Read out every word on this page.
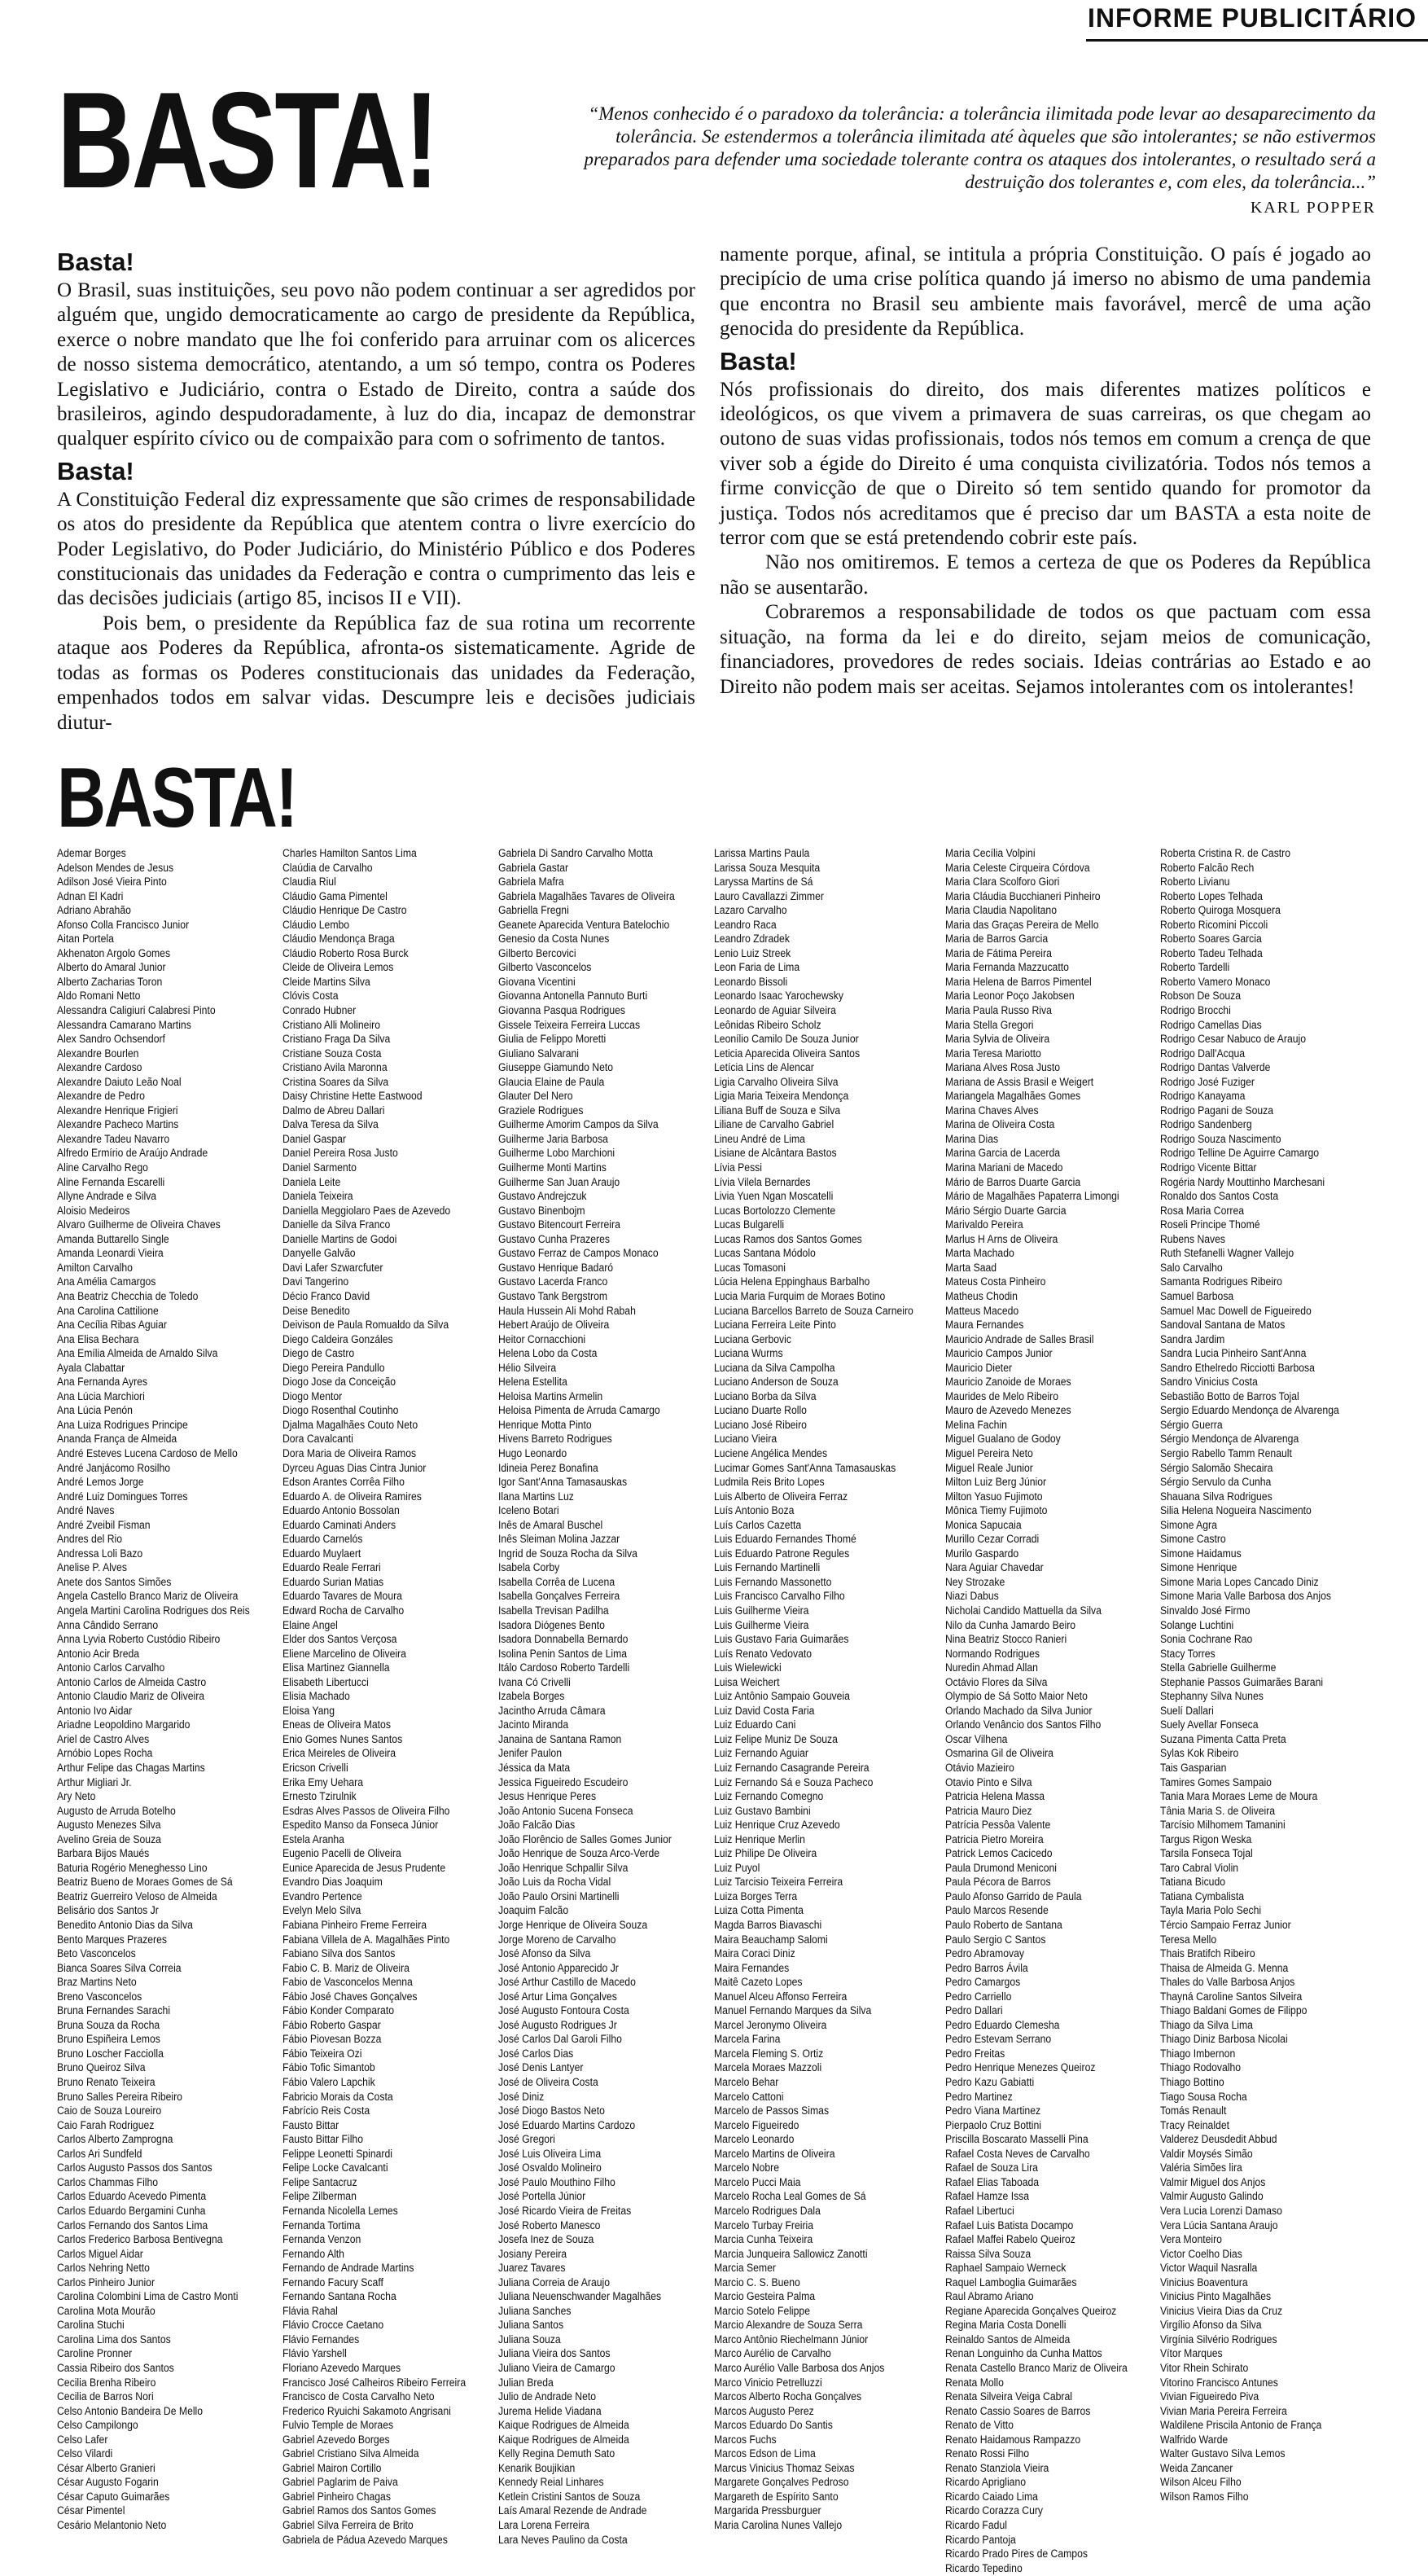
INFORME PUBLICITÁRIO
BASTA!	“Menos conhecido é o paradoxo da tolerância: a tolerância ilimitada pode levar ao desaparecimento da tolerância. Se estendermos a tolerância ilimitada até àqueles que são intolerantes; se não estivermos preparados para defender uma sociedade tolerante contra os ataques dos intolerantes, o resultado será a destruição dos tolerantes e, com eles, da tolerância...”
KARL POPPER
Basta!

O Brasil, suas instituições, seu povo não podem continuar a ser agredidos por alguém que, ungido democraticamente ao cargo de presidente da República, exerce o nobre mandato que lhe foi conferido para arruinar com os alicerces de nosso sistema democrático, atentando, a um só tempo, contra os Poderes Legislativo e Judiciário, contra o Estado de Direito, contra a saúde dos brasileiros, agindo despudoradamente, à luz do dia, incapaz de demonstrar qualquer espírito cívico ou de compaixão para com o sofrimento de tantos.

Basta!

A Constituição Federal diz expressamente que são crimes de responsabilidade os atos do presidente da República que atentem contra o livre exercício do Poder Legislativo, do Poder Judiciário, do Ministério Público e dos Poderes constitucionais das unidades da Federação e contra o cumprimento das leis e das decisões judiciais (artigo 85, incisos II e VII).

Pois bem, o presidente da República faz de sua rotina um recorrente ataque aos Poderes da República, afronta-os sistematicamente. Agride de todas as formas os Poderes constitucionais das unidades da Federação, empenhados todos em salvar vidas. Descumpre leis e decisões judiciais diutur-

namente porque, afinal, se intitula a própria Constituição. O país é jogado ao precipício de uma crise política quando já imerso no abismo de uma pandemia que encontra no Brasil seu ambiente mais favorável, mercê de uma ação genocida do presidente da República.

Basta!

Nós profissionais do direito, dos mais diferentes matizes políticos e ideológicos, os que vivem a primavera de suas carreiras, os que chegam ao outono de suas vidas profissionais, todos nós temos em comum a crença de que viver sob a égide do Direito é uma conquista civilizatória. Todos nós temos a firme convicção de que o Direito só tem sentido quando for promotor da justiça. Todos nós acreditamos que é preciso dar um BASTA a esta noite de terror com que se está pretendendo cobrir este país.

Não nos omitiremos. E temos a certeza de que os Poderes da República não se ausentarão.

Cobraremos a responsabilidade de todos os que pactuam com essa situação, na forma da lei e do direito, sejam meios de comunicação, financiadores, provedores de redes sociais. Ideias contrárias ao Estado e ao Direito não podem mais ser aceitas. Sejamos intolerantes com os intolerantes!

BASTA!
Ademar Borges
Adelson Mendes de Jesus
Adilson José Vieira Pinto
Adnan El Kadri
Adriano Abrahão
Afonso Colla Francisco Junior
Aitan Portela
Akhenaton Argolo Gomes
Alberto do Amaral Junior
Alberto Zacharias Toron
Aldo Romani Netto
Alessandra Caligiuri Calabresi Pinto
Alessandra Camarano Martins
Alex Sandro Ochsendorf
Alexandre Bourlen
Alexandre Cardoso
Alexandre Daiuto Leão Noal
Alexandre de Pedro
Alexandre Henrique Frigieri
Alexandre Pacheco Martins
Alexandre Tadeu Navarro
Alfredo Ermírio de Araújo Andrade
Aline Carvalho Rego
Aline Fernanda Escarelli
Allyne Andrade e Silva
Aloisio Medeiros
Alvaro Guilherme de Oliveira Chaves
Amanda Buttarello Single
Amanda Leonardi Vieira
Amilton Carvalho
Ana Amélia Camargos
Ana Beatriz Checchia de Toledo
Ana Carolina Cattilione
Ana Cecília Ribas Aguiar
Ana Elisa Bechara
Ana Emília Almeida de Arnaldo Silva
Ayala Clabattar
Ana Fernanda Ayres
Ana Lúcia Marchiori
Ana Lúcia Penón
Ana Luiza Rodrigues Principe
Ananda França de Almeida
André Esteves Lucena Cardoso de Mello
André Janjácomo Rosilho
André Lemos Jorge
André Luiz Domingues Torres
André Naves
André Zveibil Fisman
Andres del Rio
Andressa Loli Bazo
Anelise P. Alves
Anete dos Santos Simões
Angela Castello Branco Mariz de Oliveira
Angela Martini Carolina Rodrigues dos Reis
Anna Cândido Serrano
Anna Lyvia Roberto Custódio Ribeiro
Antonio Acir Breda
Antonio Carlos Carvalho
Antonio Carlos de Almeida Castro
Antonio Claudio Mariz de Oliveira
Antonio Ivo Aidar
Ariadne Leopoldino Margarido
Ariel de Castro Alves
Arnóbio Lopes Rocha
Arthur Felipe das Chagas Martins
Arthur Migliari Jr.
Ary Neto
Augusto de Arruda Botelho
Augusto Menezes Silva
Avelino Greia de Souza
Barbara Bijos Maués
Baturia Rogério Meneghesso Lino
Beatriz Bueno de Moraes Gomes de Sá
Beatriz Guerreiro Veloso de Almeida
Belisário dos Santos Jr
Benedito Antonio Dias da Silva
Bento Marques Prazeres
Beto Vasconcelos
Bianca Soares Silva Correia
Braz Martins Neto
Breno Vasconcelos
Bruna Fernandes Sarachi
Bruna Souza da Rocha
Bruno Espiñeira Lemos
Bruno Loscher Facciolla
Bruno Queiroz Silva
Bruno Renato Teixeira
Bruno Salles Pereira Ribeiro
Caio de Souza Loureiro
Caio Farah Rodriguez
Carlos Alberto Zamprogna
Carlos Ari Sundfeld
Carlos Augusto Passos dos Santos
Carlos Chammas Filho
Carlos Eduardo Acevedo Pimenta
Carlos Eduardo Bergamini Cunha
Carlos Fernando dos Santos Lima
Carlos Frederico Barbosa Bentivegna
Carlos Miguel Aidar
Carlos Nehring Netto
Carlos Pinheiro Junior
Carolina Colombini Lima de Castro Monti
Carolina Mota Mourão
Carolina Stuchi
Carolina Lima dos Santos
Caroline Pronner
Cassia Ribeiro dos Santos
Cecilia Brenha Ribeiro
Cecilia de Barros Nori
Celso Antonio Bandeira De Mello
Celso Campilongo
Celso Lafer
Celso Vilardi
César Alberto Granieri
César Augusto Fogarin
César Caputo Guimarães
César Pimentel
Cesário Melantonio Neto
Charles Hamilton Santos Lima
Claúdia de Carvalho
Claudia Riul
Cláudio Gama Pimentel
Cláudio Henrique De Castro
Cláudio Lembo
Cláudio Mendonça Braga
Cláudio Roberto Rosa Burck
Cleide de Oliveira Lemos
Cleide Martins Silva
Clóvis Costa
Conrado Hubner
Cristiano Alli Molineiro
Cristiano Fraga Da Silva
Cristiane Souza Costa
Cristiano Avila Maronna
Cristina Soares da Silva
Daisy Christine Hette Eastwood
Dalmo de Abreu Dallari
Dalva Teresa da Silva
Daniel Gaspar
Daniel Pereira Rosa Justo
Daniel Sarmento
Daniela Leite
Daniela Teixeira
Daniella Meggiolaro Paes de Azevedo
Danielle da Silva Franco
Danielle Martins de Godoi
Danyelle Galvão
Davi Lafer Szwarcfuter
Davi Tangerino
Décio Franco David
Deise Benedito
Deivison de Paula Romualdo da Silva
Diego Caldeira Gonzáles
Diego de Castro
Diego Pereira Pandullo
Diogo Jose da Conceição
Diogo Mentor
Diogo Rosenthal Coutinho
Djalma Magalhães Couto Neto
Dora Cavalcanti
Dora Maria de Oliveira Ramos
Dyrceu Aguas Dias Cintra Junior
Edson Arantes Corrêa Filho
Eduardo A. de Oliveira Ramires
Eduardo Antonio Bossolan
Eduardo Caminati Anders
Eduardo Carnelós
Eduardo Muylaert
Eduardo Reale Ferrari
Eduardo Surian Matias
Eduardo Tavares de Moura
Edward Rocha de Carvalho
Elaine Angel
Elder dos Santos Verçosa
Eliene Marcelino de Oliveira
Elisa Martinez Giannella
Elisabeth Libertucci
Elisia Machado
Eloisa Yang
Eneas de Oliveira Matos
Enio Gomes Nunes Santos
Erica Meireles de Oliveira
Ericson Crivelli
Erika Emy Uehara
Ernesto Tzirulnik
Esdras Alves Passos de Oliveira Filho
Espedito Manso da Fonseca Júnior
Estela Aranha
Eugenio Pacelli de Oliveira
Eunice Aparecida de Jesus Prudente
Evandro Dias Joaquim
Evandro Pertence
Evelyn Melo Silva
Fabiana Pinheiro Freme Ferreira
Fabiana Villela de A. Magalhães Pinto
Fabiano Silva dos Santos
Fabio C. B. Mariz de Oliveira
Fabio de Vasconcelos Menna
Fábio José Chaves Gonçalves
Fábio Konder Comparato
Fábio Roberto Gaspar
Fábio Piovesan Bozza
Fábio Teixeira Ozi
Fábio Tofic Simantob
Fábio Valero Lapchik
Fabricio Morais da Costa
Fabrício Reis Costa
Fausto Bittar
Fausto Bittar Filho
Felippe Leonetti Spinardi
Felipe Locke Cavalcanti
Felipe Santacruz
Felipe Zilberman
Fernanda Nicolella Lemes
Fernanda Tortima
Fernanda Venzon
Fernando Alth
Fernando de Andrade Martins
Fernando Facury Scaff
Fernando Santana Rocha
Flávia Rahal
Flávio Crocce Caetano
Flávio Fernandes
Flávio Yarshell
Floriano Azevedo Marques
Francisco José Calheiros Ribeiro Ferreira
Francisco de Costa Carvalho Neto
Frederico Ryuichi Sakamoto Angrisani
Fulvio Temple de Moraes
Gabriel Azevedo Borges
Gabriel Cristiano Silva Almeida
Gabriel Mairon Cortillo
Gabriel Paglarim de Paiva
Gabriel Pinheiro Chagas
Gabriel Ramos dos Santos Gomes
Gabriel Silva Ferreira de Brito
Gabriela de Pádua Azevedo Marques
Gabriela Di Sandro Carvalho Motta
Gabriela Gastar
Gabriela Mafra
Gabriela Magalhães Tavares de Oliveira
Gabriella Fregni
Geanete Aparecida Ventura Batelochio
Genesio da Costa Nunes
Gilberto Bercovici
Gilberto Vasconcelos
Giovana Vicentini
Giovanna Antonella Pannuto Burti
Giovanna Pasqua Rodrigues
Gissele Teixeira Ferreira Luccas
Giulia de Felippo Moretti
Giuliano Salvarani
Giuseppe Giamundo Neto
Glaucia Elaine de Paula
Glauter Del Nero
Graziele Rodrigues
Guilherme Amorim Campos da Silva
Guilherme Jaria Barbosa
Guilherme Lobo Marchioni
Guilherme Monti Martins
Guilherme San Juan Araujo
Gustavo Andrejczuk
Gustavo Binenbojm
Gustavo Bitencourt Ferreira
Gustavo Cunha Prazeres
Gustavo Ferraz de Campos Monaco
Gustavo Henrique Badaró
Gustavo Lacerda Franco
Gustavo Tank Bergstrom
Haula Hussein Ali Mohd Rabah
Hebert Araújo de Oliveira
Heitor Cornacchioni
Helena Lobo da Costa
Hélio Silveira
Helena Estellita
Heloisa Martins Armelin
Heloisa Pimenta de Arruda Camargo
Henrique Motta Pinto
Hivens Barreto Rodrigues
Hugo Leonardo
Idineia Perez Bonafina
Igor Sant'Anna Tamasauskas
Ilana Martins Luz
Iceleno Botari
Inês de Amaral Buschel
Inês Sleiman Molina Jazzar
Ingrid de Souza Rocha da Silva
Isabela Corby
Isabella Corrêa de Lucena
Isabella Gonçalves Ferreira
Isabella Trevisan Padilha
Isadora Diógenes Bento
Isadora Donnabella Bernardo
Isolina Penin Santos de Lima
Itálo Cardoso Roberto Tardelli
Ivana Có Crivelli
Izabela Borges
Jacintho Arruda Câmara
Jacinto Miranda
Janaina de Santana Ramon
Jenifer Paulon
Jéssica da Mata
Jessica Figueiredo Escudeiro
Jesus Henrique Peres
João Antonio Sucena Fonseca
João Falcão Dias
João Florêncio de Salles Gomes Junior
João Henrique de Souza Arco-Verde
João Henrique Schpallir Silva
João Luis da Rocha Vidal
João Paulo Orsini Martinelli
Joaquim Falcão
Jorge Henrique de Oliveira Souza
Jorge Moreno de Carvalho
José Afonso da Silva
José Antonio Apparecido Jr
José Arthur Castillo de Macedo
José Artur Lima Gonçalves
José Augusto Fontoura Costa
José Augusto Rodrigues Jr
José Carlos Dal Garoli Filho
José Carlos Dias
José Denis Lantyer
José de Oliveira Costa
José Diniz
José Diogo Bastos Neto
José Eduardo Martins Cardozo
José Gregori
José Luis Oliveira Lima
José Osvaldo Molineiro
José Paulo Mouthino Filho
José Portella Júnior
José Ricardo Vieira de Freitas
José Roberto Manesco
Josefa Inez de Souza
Josiany Pereira
Juarez Tavares
Juliana Correia de Araujo
Juliana Neuenschwander Magalhães
Juliana Sanches
Juliana Santos
Juliana Souza
Juliana Vieira dos Santos
Juliano Vieira de Camargo
Julian Breda
Julio de Andrade Neto
Jurema Helide Viadana
Kaique Rodrigues de Almeida
Kaique Rodrigues de Almeida
Kelly Regina Demuth Sato
Kenarik Boujikian
Kennedy Reial Linhares
Ketlein Cristini Santos de Souza
Laís Amaral Rezende de Andrade
Lara Lorena Ferreira
Lara Neves Paulino da Costa
Larissa Martins Paula
Larissa Souza Mesquita
Laryssa Martins de Sá
Lauro Cavallazzi Zimmer
Lazaro Carvalho
Leandro Raca
Leandro Zdradek
Lenio Luiz Streek
Leon Faria de Lima
Leonardo Bissoli
Leonardo Isaac Yarochewsky
Leonardo de Aguiar Silveira
Leônidas Ribeiro Scholz
Leonílio Camilo De Souza Junior
Leticia Aparecida Oliveira Santos
Letícia Lins de Alencar
Ligia Carvalho Oliveira Silva
Ligia Maria Teixeira Mendonça
Liliana Buff de Souza e Silva
Liliane de Carvalho Gabriel
Lineu André de Lima
Lisiane de Alcântara Bastos
Lívia Pessi
Lívia Vilela Bernardes
Livia Yuen Ngan Moscatelli
Lucas Bortolozzo Clemente
Lucas Bulgarelli
Lucas Ramos dos Santos Gomes
Lucas Santana Módolo
Lucas Tomasoni
Lúcia Helena Eppinghaus Barbalho
Lucia Maria Furquim de Moraes Botino
Luciana Barcellos Barreto de Souza Carneiro
Luciana Ferreira Leite Pinto
Luciana Gerbovic
Luciana Wurms
Luciana da Silva Campolha
Luciano Anderson de Souza
Luciano Borba da Silva
Luciano Duarte Rollo
Luciano José Ribeiro
Luciano Vieira
Luciene Angélica Mendes
Lucimar Gomes Sant'Anna Tamasauskas
Ludmila Reis Brito Lopes
Luis Alberto de Oliveira Ferraz
Luís Antonio Boza
Luís Carlos Cazetta
Luis Eduardo Fernandes Thomé
Luis Eduardo Patrone Regules
Luis Fernando Martinelli
Luis Fernando Massonetto
Luis Francisco Carvalho Filho
Luis Guilherme Vieira
Luis Guilherme Vieira
Luis Gustavo Faria Guimarães
Luís Renato Vedovato
Luis Wielewicki
Luisa Weichert
Luiz Antônio Sampaio Gouveia
Luiz David Costa Faria
Luiz Eduardo Cani
Luiz Felipe Muniz De Souza
Luiz Fernando Aguiar
Luiz Fernando Casagrande Pereira
Luiz Fernando Sá e Souza Pacheco
Luiz Fernando Comegno
Luiz Gustavo Bambini
Luiz Henrique Cruz Azevedo
Luiz Henrique Merlin
Luiz Philipe De Oliveira
Luiz Puyol
Luiz Tarcisio Teixeira Ferreira
Luiza Borges Terra
Luiza Cotta Pimenta
Magda Barros Biavaschi
Maira Beauchamp Salomi
Maira Coraci Diniz
Maira Fernandes
Maitê Cazeto Lopes
Manuel Alceu Affonso Ferreira
Manuel Fernando Marques da Silva
Marcel Jeronymo Oliveira
Marcela Farina
Marcela Fleming S. Ortiz
Marcela Moraes Mazzoli
Marcelo Behar
Marcelo Cattoni
Marcelo de Passos Simas
Marcelo Figueiredo
Marcelo Leonardo
Marcelo Martins de Oliveira
Marcelo Nobre
Marcelo Pucci Maia
Marcelo Rocha Leal Gomes de Sá
Marcelo Rodrigues Dala
Marcelo Turbay Freiria
Marcia Cunha Teixeira
Marcia Junqueira Sallowicz Zanotti
Marcia Semer
Marcio C. S. Bueno
Marcio Gesteira Palma
Marcio Sotelo Felippe
Marcio Alexandre de Souza Serra
Marco Antônio Riechelmann Júnior
Marco Aurélio de Carvalho
Marco Aurélio Valle Barbosa dos Anjos
Marco Vinicio Petrelluzzi
Marcos Alberto Rocha Gonçalves
Marcos Augusto Perez
Marcos Eduardo Do Santis
Marcos Fuchs
Marcos Edson de Lima
Marcus Vinicius Thomaz Seixas
Margarete Gonçalves Pedroso
Margareth de Espírito Santo
Margarida Pressburguer
Maria Carolina Nunes Vallejo
Maria Cecília Volpini
Maria Celeste Cirqueira Córdova
Maria Clara Scolforo Giori
Maria Cláudia Bucchianeri Pinheiro
Maria Claudia Napolitano
Maria das Graças Pereira de Mello
Maria de Barros Garcia
Maria de Fátima Pereira
Maria Fernanda Mazzucatto
Maria Helena de Barros Pimentel
Maria Leonor Poço Jakobsen
Maria Paula Russo Riva
Maria Stella Gregori
Maria Sylvia de Oliveira
Maria Teresa Mariotto
Mariana Alves Rosa Justo
Mariana de Assis Brasil e Weigert
Mariangela Magalhães Gomes
Marina Chaves Alves
Marina de Oliveira Costa
Marina Dias
Marina Garcia de Lacerda
Marina Mariani de Macedo
Mário de Barros Duarte Garcia
Mário de Magalhães Papaterra Limongi
Mário Sérgio Duarte Garcia
Marivaldo Pereira
Marlus H Arns de Oliveira
Marta Machado
Marta Saad
Mateus Costa Pinheiro
Matheus Chodin
Matteus Macedo
Maura Fernandes
Mauricio Andrade de Salles Brasil
Mauricio Campos Junior
Mauricio Dieter
Mauricio Zanoide de Moraes
Maurides de Melo Ribeiro
Mauro de Azevedo Menezes
Melina Fachin
Miguel Gualano de Godoy
Miguel Pereira Neto
Miguel Reale Junior
Milton Luiz Berg Júnior
Milton Yasuo Fujimoto
Mônica Tiemy Fujimoto
Monica Sapucaia
Murillo Cezar Corradi
Murilo Gaspardo
Nara Aguiar Chavedar
Ney Strozake
Niazi Dabus
Nicholai Candido Mattuella da Silva
Nilo da Cunha Jamardo Beiro
Nina Beatriz Stocco Ranieri
Normando Rodrigues
Nuredin Ahmad Allan
Octávio Flores da Silva
Olympio de Sá Sotto Maior Neto
Orlando Machado da Silva Junior
Orlando Venâncio dos Santos Filho
Oscar Vilhena
Osmarina Gil de Oliveira
Otávio Mazieiro
Otavio Pinto e Silva
Patricia Helena Massa
Patricia Mauro Diez
Patrícia Pessôa Valente
Patricia Pietro Moreira
Patrick Lemos Cacicedo
Paula Drumond Meniconi
Paula Pécora de Barros
Paulo Afonso Garrido de Paula
Paulo Marcos Resende
Paulo Roberto de Santana
Paulo Sergio C Santos
Pedro Abramovay
Pedro Barros Ávila
Pedro Camargos
Pedro Carriello
Pedro Dallari
Pedro Eduardo Clemesha
Pedro Estevam Serrano
Pedro Freitas
Pedro Henrique Menezes Queiroz
Pedro Kazu Gabiatti
Pedro Martinez
Pedro Viana Martinez
Pierpaolo Cruz Bottini
Priscilla Boscarato Masselli Pina
Rafael Costa Neves de Carvalho
Rafael de Souza Lira
Rafael Elias Taboada
Rafael Hamze Issa
Rafael Libertuci
Rafael Luis Batista Docampo
Rafael Maffei Rabelo Queiroz
Raissa Silva Souza
Raphael Sampaio Werneck
Raquel Lamboglia Guimarães
Raul Abramo Ariano
Regiane Aparecida Gonçalves Queiroz
Regina Maria Costa Donelli
Reinaldo Santos de Almeida
Renan Longuinho da Cunha Mattos
Renata Castello Branco Mariz de Oliveira
Renata Mollo
Renata Silveira Veiga Cabral
Renato Cassio Soares de Barros
Renato de Vitto
Renato Haidamous Rampazzo
Renato Rossi Filho
Renato Stanziola Vieira
Ricardo Aprigliano
Ricardo Caiado Lima
Ricardo Corazza Cury
Ricardo Fadul
Ricardo Pantoja
Ricardo Prado Pires de Campos
Ricardo Tepedino
Roberta Cristina R. de Castro
Roberto Falcão Rech
Roberto Livianu
Roberto Lopes Telhada
Roberto Quiroga Mosquera
Roberto Ricomini Piccoli
Roberto Soares Garcia
Roberto Tadeu Telhada
Roberto Tardelli
Roberto Vamero Monaco
Robson De Souza
Rodrigo Brocchi
Rodrigo Camellas Dias
Rodrigo Cesar Nabuco de Araujo
Rodrigo Dall'Acqua
Rodrigo Dantas Valverde
Rodrigo José Fuziger
Rodrigo Kanayama
Rodrigo Pagani de Souza
Rodrigo Sandenberg
Rodrigo Souza Nascimento
Rodrigo Telline De Aguirre Camargo
Rodrigo Vicente Bittar
Rogéria Nardy Mouttinho Marchesani
Ronaldo dos Santos Costa
Rosa Maria Correa
Roseli Principe Thomé
Rubens Naves
Ruth Stefanelli Wagner Vallejo
Salo Carvalho
Samanta Rodrigues Ribeiro
Samuel Barbosa
Samuel Mac Dowell de Figueiredo
Sandoval Santana de Matos
Sandra Jardim
Sandra Lucia Pinheiro Sant'Anna
Sandro Ethelredo Ricciotti Barbosa
Sandro Vinicius Costa
Sebastião Botto de Barros Tojal
Sergio Eduardo Mendonça de Alvarenga
Sérgio Guerra
Sérgio Mendonça de Alvarenga
Sergio Rabello Tamm Renault
Sérgio Salomão Shecaira
Sérgio Servulo da Cunha
Shauana Silva Rodrigues
Silia Helena Nogueira Nascimento
Simone Agra
Simone Castro
Simone Haidamus
Simone Henrique
Simone Maria Lopes Cancado Diniz
Simone Maria Valle Barbosa dos Anjos
Sinvaldo José Firmo
Solange Luchtini
Sonia Cochrane Rao
Stacy Torres
Stella Gabrielle Guilherme
Stephanie Passos Guimarães Barani
Stephanny Silva Nunes
Suelí Dallari
Suely Avellar Fonseca
Suzana Pimenta Catta Preta
Sylas Kok Ribeiro
Tais Gasparian
Tamires Gomes Sampaio
Tania Mara Moraes Leme de Moura
Tânia Maria S. de Oliveira
Tarcísio Milhomem Tamanini
Targus Rigon Weska
Tarsila Fonseca Tojal
Taro Cabral Violin
Tatiana Bicudo
Tatiana Cymbalista
Tayla Maria Polo Sechi
Tércio Sampaio Ferraz Junior
Teresa Mello
Thais Bratifch Ribeiro
Thaisa de Almeida G. Menna
Thales do Valle Barbosa Anjos
Thayná Caroline Santos Silveira
Thiago Baldani Gomes de Filippo
Thiago da Silva Lima
Thiago Diniz Barbosa Nicolai
Thiago Imbernon
Thiago Rodovalho
Thiago Bottino
Tiago Sousa Rocha
Tomás Renault
Tracy Reinaldet
Valderez Deusdedit Abbud
Valdir Moysés Simão
Valéria Simões lira
Valmir Miguel dos Anjos
Valmir Augusto Galindo
Vera Lucia Lorenzi Damaso
Vera Lúcia Santana Araujo
Vera Monteiro
Victor Coelho Dias
Victor Waquil Nasralla
Vinicius Boaventura
Vinicius Pinto Magalhães
Vinicius Vieira Dias da Cruz
Virgílio Afonso da Silva
Virgínia Silvério Rodrigues
Vítor Marques
Vitor Rhein Schirato
Vitorino Francisco Antunes
Vivian Figueiredo Piva
Vivian Maria Pereira Ferreira
Waldilene Priscila Antonio de França
Walfrido Warde
Walter Gustavo Silva Lemos
Weida Zancaner
Wilson Alceu Filho
Wilson Ramos Filho
